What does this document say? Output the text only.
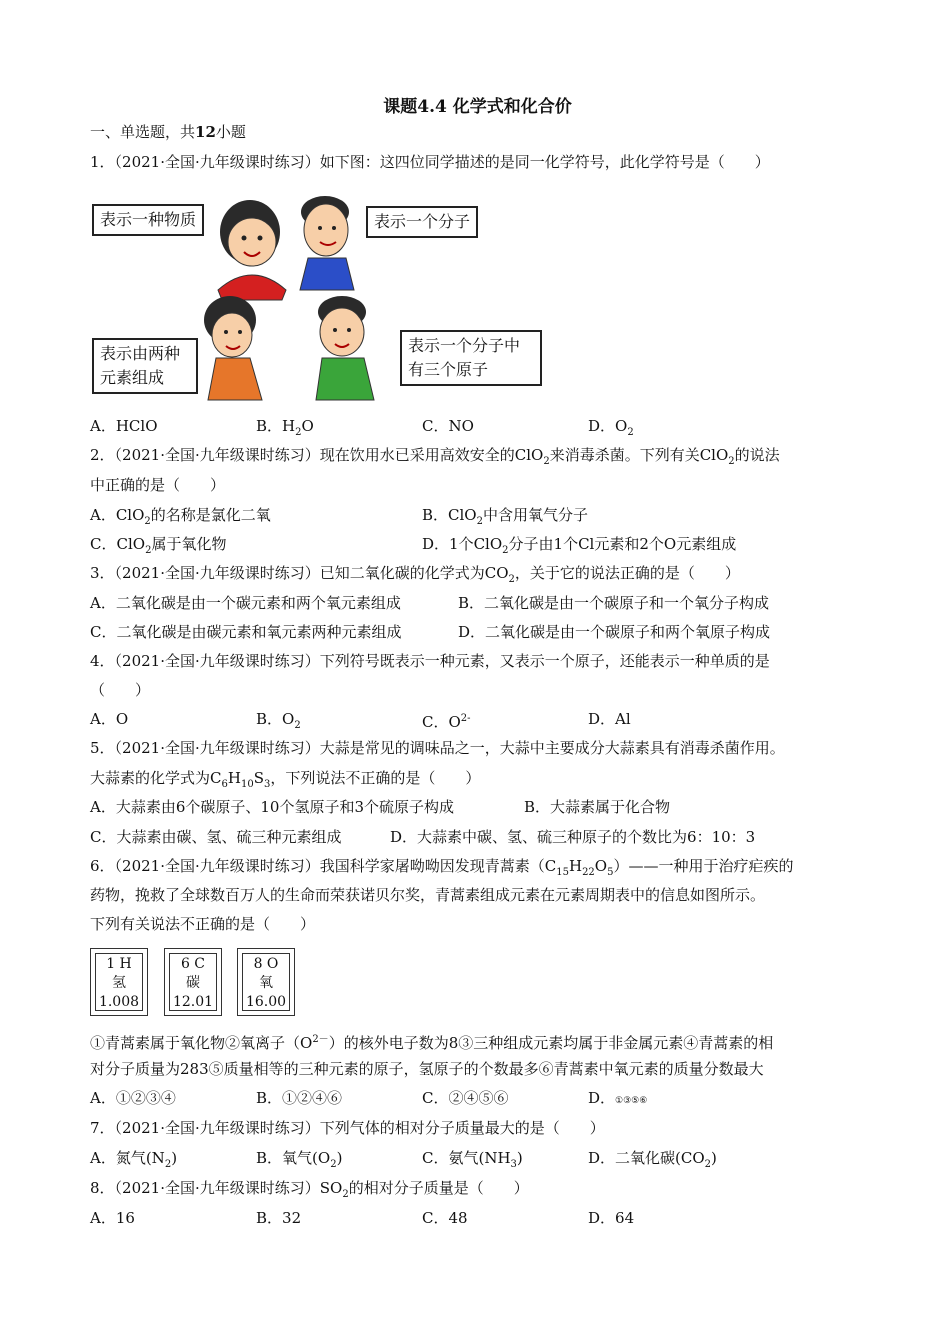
课题4.4 化学式和化合价
一、单选题，共12小题
1．（2021·全国·九年级课时练习）如下图：这四位同学描述的是同一化学符号，此化学符号是（　　）
表示一种物质	表示一个分子
表示由两种
元素组成
表示一个分子中
有三个原子
A．HClO	B．$H_2O$	C．NO	D．$O_2$
2．（2021·全国·九年级课时练习）现在饮用水已采用高效安全的ClO$_2$来消毒杀菌。下列有关ClO$_2$的说法
中正确的是（　　）
A．ClO$_2$的名称是氯化二氧	B．ClO$_2$中含用氧气分子
C．ClO$_2$属于氧化物	D．1个ClO$_2$分子由1个Cl元素和2个O元素组成
3．（2021·全国·九年级课时练习）已知二氧化碳的化学式为$CO_2$，关于它的说法正确的是（　　）
A．二氧化碳是由一个碳元素和两个氧元素组成	B．二氧化碳是由一个碳原子和一个氧分子构成
C．二氧化碳是由碳元素和氧元素两种元素组成	D．二氧化碳是由一个碳原子和两个氧原子构成
4．（2021·全国·九年级课时练习）下列符号既表示一种元素，又表示一个原子，还能表示一种单质的是
（　　）
A．O	B．$O_2$	C．$O^{2-}$	D．Al
5．（2021·全国·九年级课时练习）大蒜是常见的调味品之一，大蒜中主要成分大蒜素具有消毒杀菌作用。
大蒜素的化学式为$C_6H_{10}S_3$，下列说法不正确的是（　　）
A．大蒜素由6个碳原子、10个氢原子和3个硫原子构成	B．大蒜素属于化合物
C．大蒜素由碳、氢、硫三种元素组成	D．大蒜素中碳、氢、硫三种原子的个数比为6：10：3
6．（2021·全国·九年级课时练习）我国科学家屠呦呦因发现青蒿素$(C_{15}H_{22}O_5)——$一种用于治疗疟疾的
药物，挽救了全球数百万人的生命而荣获诺贝尔奖，青蒿素组成元素在元素周期表中的信息如图所示。
下列有关说法不正确的是（　　）
1 H
氢
1.008
6 C
碳
12.01
8 O
氧
16.00
①青蒿素属于氧化物②氧离子$(O^{2-})$的核外电子数为8③三种组成元素均属于非金属元素④青蒿素的相
对分子质量为283⑤质量相等的三种元素的原子，氢原子的个数最多⑥青蒿素中氧元素的质量分数最大
A．①②③④	B．①②④⑥	C．②④⑤⑥	D．①③⑤⑥
7．（2021·全国·九年级课时练习）下列气体的相对分子质量最大的是（　　）
A．氮气$(N_2)$	B．氧气$(O_2)$	C．氨气$(NH_3)$	D．二氧化碳$(CO_2)$
8．（2021·全国·九年级课时练习）$SO_2$的相对分子质量是（　　）
A．16	B．32	C．48	D．64
